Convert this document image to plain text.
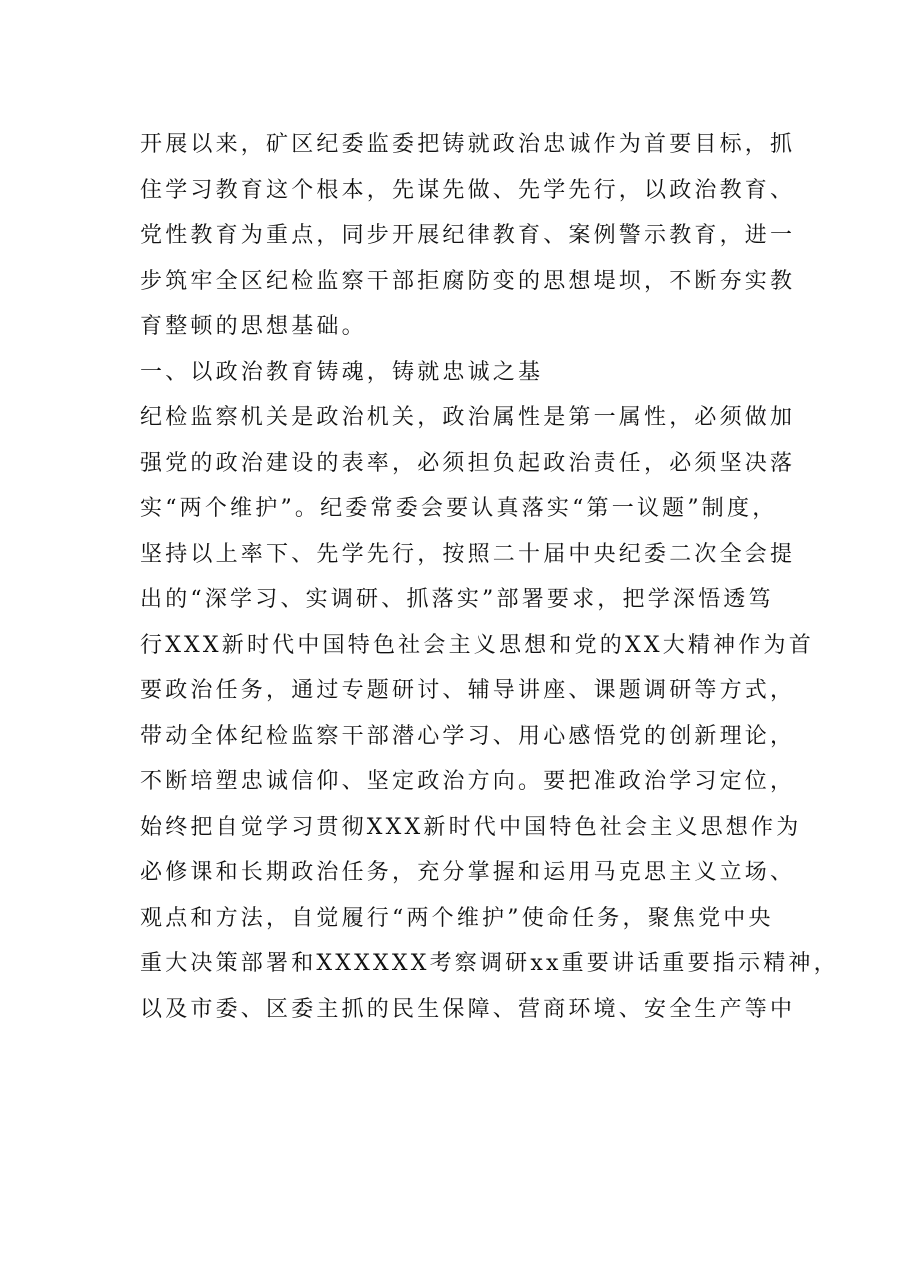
开展以来，矿区纪委监委把铸就政治忠诚作为首要目标，抓
住学习教育这个根本，先谋先做、先学先行，以政治教育、
党性教育为重点，同步开展纪律教育、案例警示教育，进一
步筑牢全区纪检监察干部拒腐防变的思想堤坝，不断夯实教
育整顿的思想基础。
一、以政治教育铸魂，铸就忠诚之基
纪检监察机关是政治机关，政治属性是第一属性，必须做加
强党的政治建设的表率，必须担负起政治责任，必须坚决落
实“两个维护”。纪委常委会要认真落实“第一议题”制度，
坚持以上率下、先学先行，按照二十届中央纪委二次全会提
出的“深学习、实调研、抓落实”部署要求，把学深悟透笃
行XXX新时代中国特色社会主义思想和党的XX大精神作为首
要政治任务，通过专题研讨、辅导讲座、课题调研等方式，
带动全体纪检监察干部潜心学习、用心感悟党的创新理论，
不断培塑忠诚信仰、坚定政治方向。要把准政治学习定位，
始终把自觉学习贯彻XXX新时代中国特色社会主义思想作为
必修课和长期政治任务，充分掌握和运用马克思主义立场、
观点和方法，自觉履行“两个维护”使命任务，聚焦党中央
重大决策部署和XXXXXX考察调研xx重要讲话重要指示精神，
以及市委、区委主抓的民生保障、营商环境、安全生产等中
